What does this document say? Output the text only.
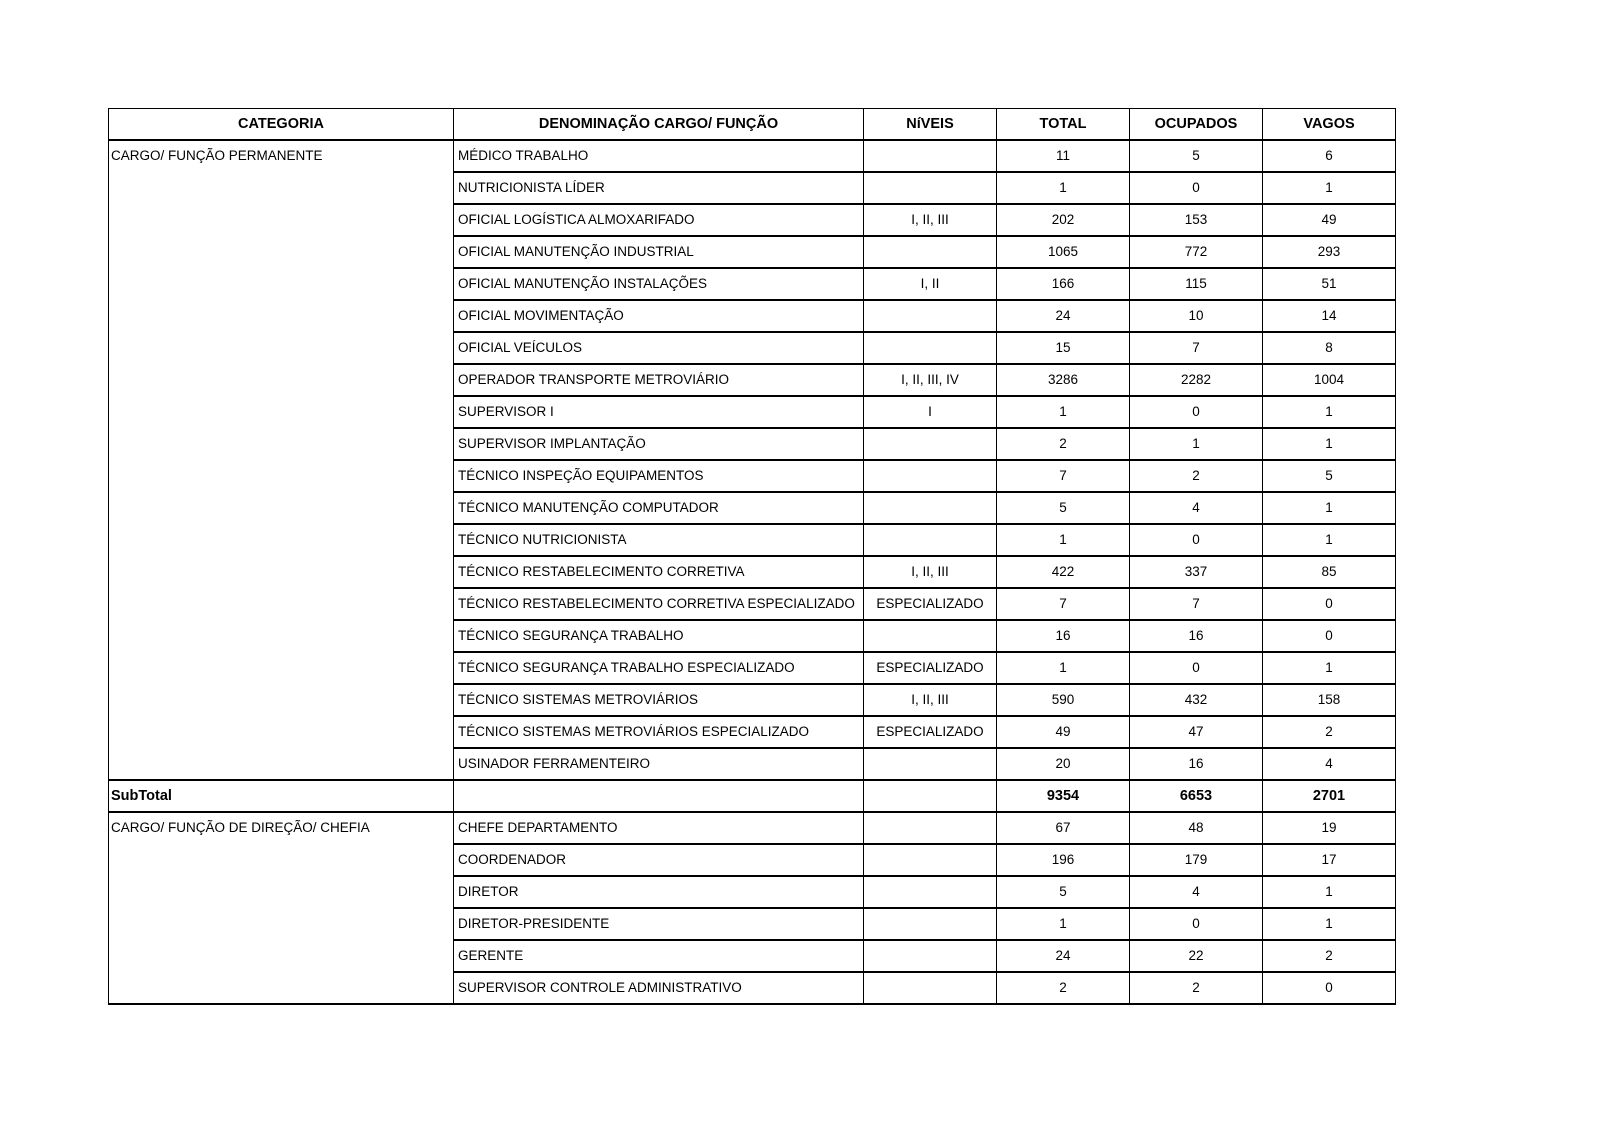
CATEGORIA	DENOMINAÇÃO CARGO/ FUNÇÃO	NíVEIS	TOTAL	OCUPADOS	VAGOS
CARGO/ FUNÇÃO PERMANENTE	MÉDICO TRABALHO		11	5	6
	NUTRICIONISTA LÍDER		1	0	1
	OFICIAL LOGÍSTICA ALMOXARIFADO	I, II, III	202	153	49
	OFICIAL MANUTENÇÃO INDUSTRIAL		1065	772	293
	OFICIAL MANUTENÇÃO INSTALAÇÕES	I, II	166	115	51
	OFICIAL MOVIMENTAÇÃO		24	10	14
	OFICIAL VEÍCULOS		15	7	8
	OPERADOR TRANSPORTE METROVIÁRIO	I, II, III, IV	3286	2282	1004
	SUPERVISOR I	I	1	0	1
	SUPERVISOR IMPLANTAÇÃO		2	1	1
	TÉCNICO INSPEÇÃO EQUIPAMENTOS		7	2	5
	TÉCNICO MANUTENÇÃO COMPUTADOR		5	4	1
	TÉCNICO NUTRICIONISTA		1	0	1
	TÉCNICO RESTABELECIMENTO CORRETIVA	I, II, III	422	337	85
	TÉCNICO RESTABELECIMENTO CORRETIVA ESPECIALIZADO	ESPECIALIZADO	7	7	0
	TÉCNICO SEGURANÇA TRABALHO		16	16	0
	TÉCNICO SEGURANÇA TRABALHO ESPECIALIZADO	ESPECIALIZADO	1	0	1
	TÉCNICO SISTEMAS METROVIÁRIOS	I, II, III	590	432	158
	TÉCNICO SISTEMAS METROVIÁRIOS ESPECIALIZADO	ESPECIALIZADO	49	47	2
	USINADOR FERRAMENTEIRO		20	16	4
SubTotal			9354	6653	2701
CARGO/ FUNÇÃO DE DIREÇÃO/ CHEFIA	CHEFE DEPARTAMENTO		67	48	19
	COORDENADOR		196	179	17
	DIRETOR		5	4	1
	DIRETOR-PRESIDENTE		1	0	1
	GERENTE		24	22	2
	SUPERVISOR CONTROLE ADMINISTRATIVO		2	2	0
